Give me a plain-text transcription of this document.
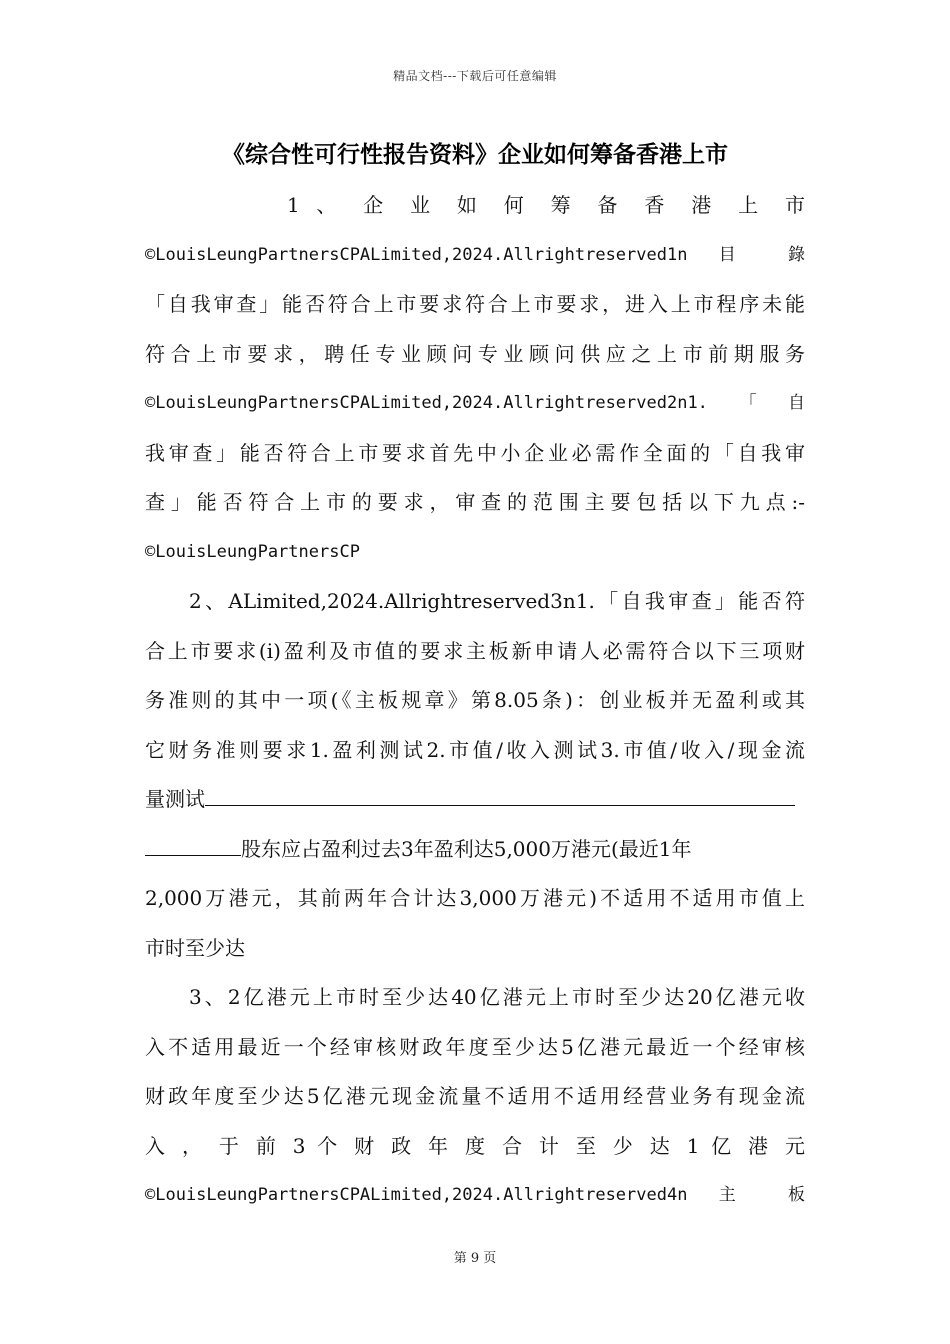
精品文档---下载后可任意编辑
《综合性可行性报告资料》企业如何筹备香港上市
1 、 企 业 如 何 筹 备 香 港 上 市
©LouisLeungPartnersCPALimited,2024.Allrightreserved1n 目 錄
「自我审查」能否符合上市要求符合上市要求，进入上市程序未能
符合上市要求，聘任专业顾问专业顾问供应之上市前期服务
©LouisLeungPartnersCPALimited,2024.Allrightreserved2n1.「自
我审查」能否符合上市要求首先中小企业必需作全面的「自我审
查」能否符合上市的要求，审查的范围主要包括以下九点:-
©LouisLeungPartnersCP
2、ALimited,2024.Allrightreserved3n1.「自我审查」能否符
合上市要求(i)盈利及市值的要求主板新申请人必需符合以下三项财
务准则的其中一项(《主板规章》第8.05条)：创业板并无盈利或其
它财务准则要求1.盈利测试2.市值/收入测试3.市值/收入/现金流
量测试
股东应占盈利过去3年盈利达5,000万港元(最近1年
2,000万港元，其前两年合计达3,000万港元)不适用不适用市值上
市时至少达
3、2亿港元上市时至少达40亿港元上市时至少达20亿港元收
入不适用最近一个经审核财政年度至少达5亿港元最近一个经审核
财政年度至少达5亿港元现金流量不适用不适用经营业务有现金流
入 ， 于 前 3 个 财 政 年 度 合 计 至 少 达 1 亿 港 元
©LouisLeungPartnersCPALimited,2024.Allrightreserved4n 主 板
第 9 页
